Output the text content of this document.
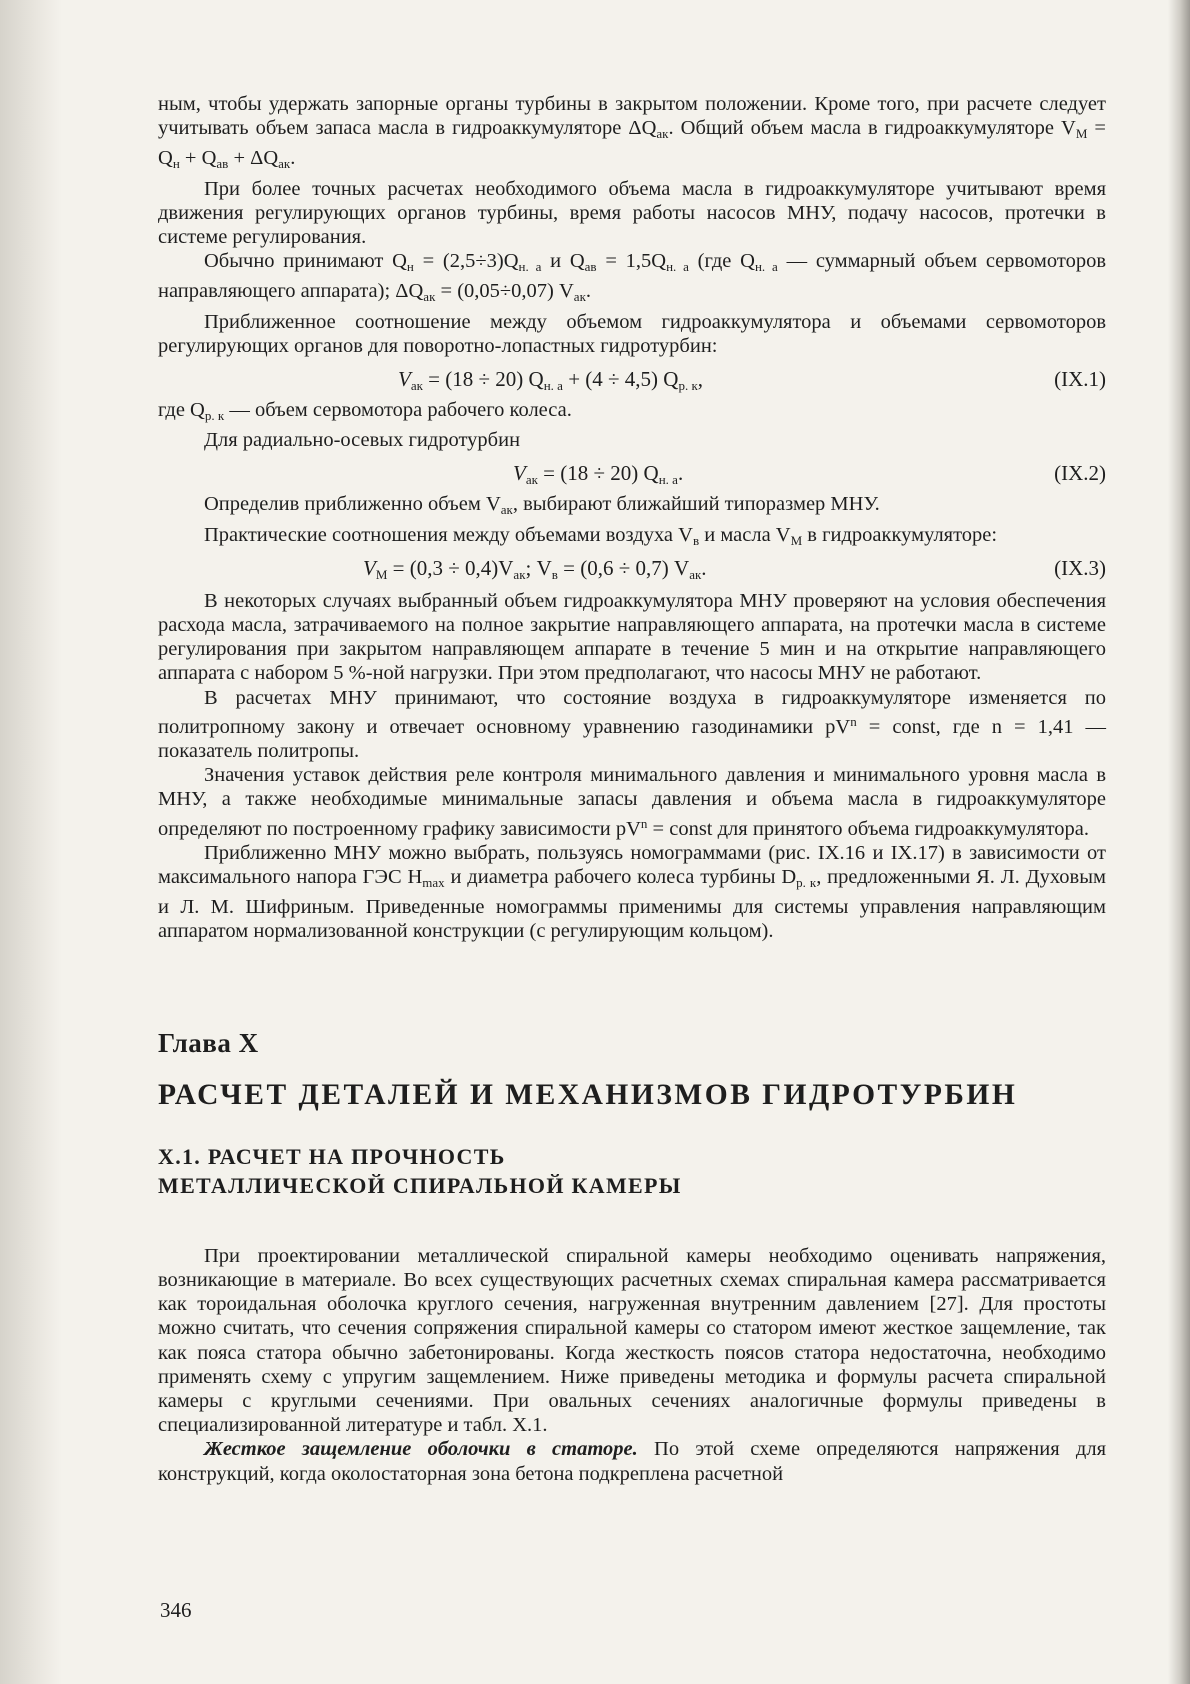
ным, чтобы удержать запорные органы турбины в закрытом положении. Кроме того, при расчете следует учитывать объем запаса масла в гидроаккумуляторе $\Delta Q_{ак}$. Общий объем масла в гидроаккумуляторе $V_М = Q_н + Q_{ав} + \Delta Q_{ак}$.

При более точных расчетах необходимого объема масла в гидроаккумуляторе учитывают время движения регулирующих органов турбины, время работы насосов МНУ, подачу насосов, протечки в системе регулирования.

Обычно принимают $Q_н = (2,5\div 3)Q_{н. а}$ и $Q_{ав} = 1,5Q_{н. а}$ (где $Q_{н. а}$ — суммарный объем сервомоторов направляющего аппарата); $\Delta Q_{ак} = (0,05\div 0,07)$ $V_{ак}$.

Приближенное соотношение между объемом гидроаккумулятора и объемами сервомоторов регулирующих органов для поворотно-лопастных гидротурбин:

$V_{ак} = (18 \div 20) Q_{н. а} + (4 \div 4,5)$ $Q_{р. к}$,	(IX.1)

где $Q_{р. к}$ — объем сервомотора рабочего колеса.

Для радиально-осевых гидротурбин

$V_{ак} = (18 \div 20)$ $Q_{н. а}$.	(IX.2)

Определив приближенно объем $V_{ак}$, выбирают ближайший типоразмер МНУ.

Практические соотношения между объемами воздуха $V_в$ и масла $V_М$ в гидроаккумуляторе:

$V_М = (0,3 \div 0,4)V_{ак}$; $V_в = (0,6 \div 0,7)$ $V_{ак}$.	(IX.3)

В некоторых случаях выбранный объем гидроаккумулятора МНУ проверяют на условия обеспечения расхода масла, затрачиваемого на полное закрытие направляющего аппарата, на протечки масла в системе регулирования при закрытом направляющем аппарате в течение 5 мин и на открытие направляющего аппарата с набором 5 %-ной нагрузки. При этом предполагают, что насосы МНУ не работают.

В расчетах МНУ принимают, что состояние воздуха в гидроаккумуляторе изменяется по политропному закону и отвечает основному уравнению газодинамики $pV^n$ = const, где n = 1,41 — показатель политропы.

Значения уставок действия реле контроля минимального давления и минимального уровня масла в МНУ, а также необходимые минимальные запасы давления и объема масла в гидроаккумуляторе определяют по построенному графику зависимости $pV^n$ = const для принятого объема гидроаккумулятора.

Приближенно МНУ можно выбрать, пользуясь номограммами (рис. IX.16 и IX.17) в зависимости от максимального напора ГЭС $H_{max}$ и диаметра рабочего колеса турбины $D_{р. к}$, предложенными Я. Л. Духовым и Л. М. Шифриным. Приведенные номограммы применимы для системы управления направляющим аппаратом нормализованной конструкции (с регулирующим кольцом).

Глава X
РАСЧЕТ ДЕТАЛЕЙ И МЕХАНИЗМОВ ГИДРОТУРБИН
X.1. РАСЧЕТ НА ПРОЧНОСТЬ
МЕТАЛЛИЧЕСКОЙ СПИРАЛЬНОЙ КАМЕРЫ

При проектировании металлической спиральной камеры необходимо оценивать напряжения, возникающие в материале. Во всех существующих расчетных схемах спиральная камера рассматривается как тороидальная оболочка круглого сечения, нагруженная внутренним давлением [27]. Для простоты можно считать, что сечения сопряжения спиральной камеры со статором имеют жесткое защемление, так как пояса статора обычно забетонированы. Когда жесткость поясов статора недостаточна, необходимо применять схему с упругим защемлением. Ниже приведены методика и формулы расчета спиральной камеры с круглыми сечениями. При овальных сечениях аналогичные формулы приведены в специализированной литературе и табл. X.1.

Жесткое защемление оболочки в статоре. По этой схеме определяются напряжения для конструкций, когда околостаторная зона бетона подкреплена расчетной

346
